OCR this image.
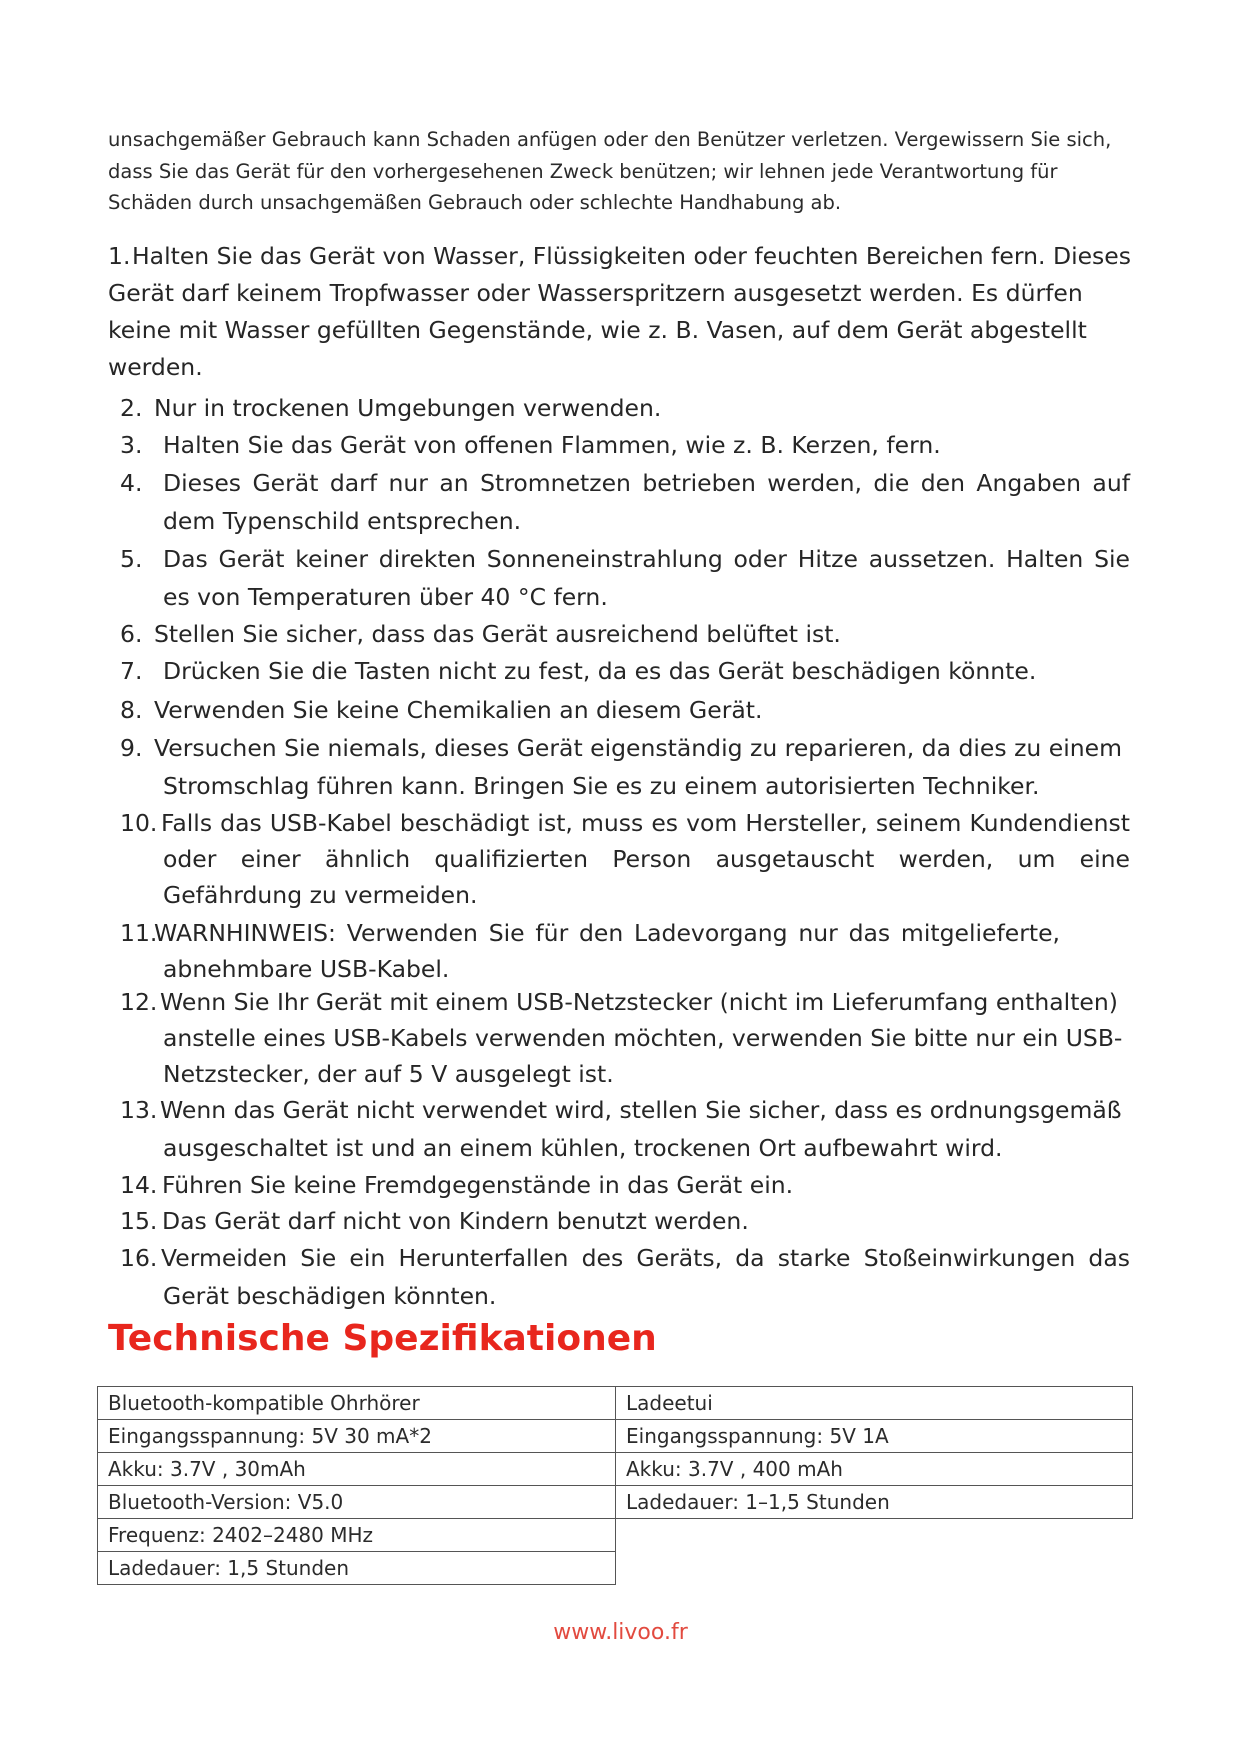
unsachgemäßer Gebrauch kann Schaden anfügen oder den Benützer verletzen. Vergewissern Sie sich, dass Sie das Gerät für den vorhergesehenen Zweck benützen; wir lehnen jede Verantwortung für Schäden durch unsachgemäßen Gebrauch oder schlechte Handhabung ab.
1. Halten Sie das Gerät von Wasser, Flüssigkeiten oder feuchten Bereichen fern. Dieses Gerät darf keinem Tropfwasser oder Wasserspritzern ausgesetzt werden. Es dürfen keine mit Wasser gefüllten Gegenstände, wie z. B. Vasen, auf dem Gerät abgestellt werden.
2. Nur in trockenen Umgebungen verwenden.
3. Halten Sie das Gerät von offenen Flammen, wie z. B. Kerzen, fern.
4. Dieses Gerät darf nur an Stromnetzen betrieben werden, die den Angaben auf dem Typenschild entsprechen.
5. Das Gerät keiner direkten Sonneneinstrahlung oder Hitze aussetzen. Halten Sie es von Temperaturen über 40 °C fern.
6. Stellen Sie sicher, dass das Gerät ausreichend belüftet ist.
7. Drücken Sie die Tasten nicht zu fest, da es das Gerät beschädigen könnte.
8. Verwenden Sie keine Chemikalien an diesem Gerät.
9. Versuchen Sie niemals, dieses Gerät eigenständig zu reparieren, da dies zu einem Stromschlag führen kann. Bringen Sie es zu einem autorisierten Techniker.
10. Falls das USB-Kabel beschädigt ist, muss es vom Hersteller, seinem Kundendienst oder einer ähnlich qualifizierten Person ausgetauscht werden, um eine Gefährdung zu vermeiden.
11.
WARNHINWEIS: Verwenden Sie für den Ladevorgang nur das mitgelieferte, abnehmbare USB-Kabel.
12. Wenn Sie Ihr Gerät mit einem USB-Netzstecker (nicht im Lieferumfang enthalten) anstelle eines USB-Kabels verwenden möchten, verwenden Sie bitte nur ein USB-Netzstecker, der auf 5 V ausgelegt ist.
13. Wenn das Gerät nicht verwendet wird, stellen Sie sicher, dass es ordnungsgemäß ausgeschaltet ist und an einem kühlen, trockenen Ort aufbewahrt wird.
14. Führen Sie keine Fremdgegenstände in das Gerät ein.
15. Das Gerät darf nicht von Kindern benutzt werden.
16. Vermeiden Sie ein Herunterfallen des Geräts, da starke Stoßeinwirkungen das Gerät beschädigen könnten.
Technische Spezifikationen
Bluetooth-kompatible Ohrhörer	Ladeetui
Eingangsspannung: 5V 30 mA*2	Eingangsspannung: 5V 1A
Akku: 3.7V , 30mAh	Akku: 3.7V , 400 mAh
Bluetooth-Version: V5.0	Ladedauer: 1–1,5 Stunden
Frequenz: 2402–2480 MHz	
Ladedauer: 1,5 Stunden	
www.livoo.fr
